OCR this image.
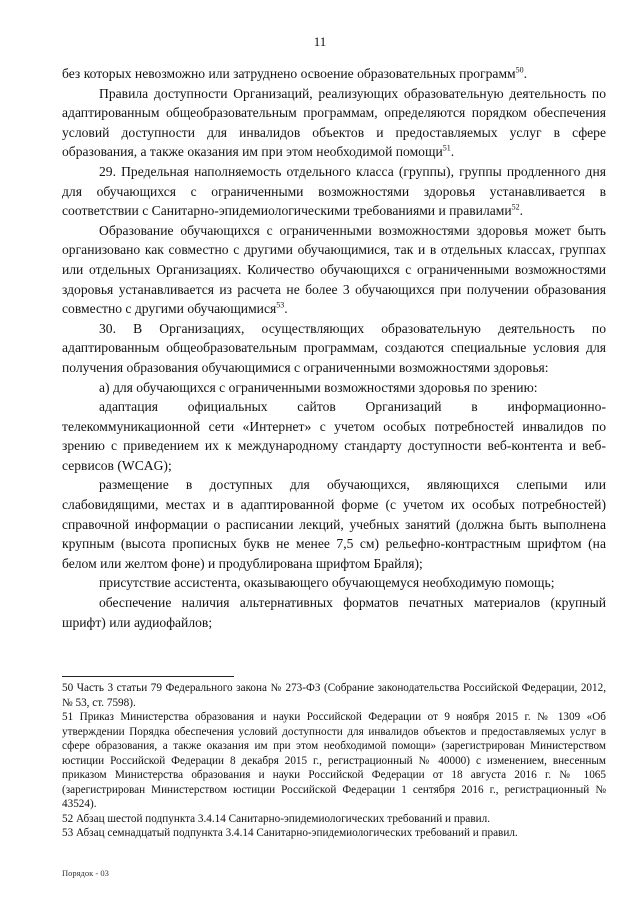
11

без которых невозможно или затруднено освоение образовательных программ$^{50}$.

Правила доступности Организаций, реализующих образовательную деятельность по адаптированным общеобразовательным программам, определяются порядком обеспечения условий доступности для инвалидов объектов и предоставляемых услуг в сфере образования, а также оказания им при этом необходимой помощи$^{51}$.

29. Предельная наполняемость отдельного класса (группы), группы продленного дня для обучающихся с ограниченными возможностями здоровья устанавливается в соответствии с Санитарно-эпидемиологическими требованиями и правилами$^{52}$.

Образование обучающихся с ограниченными возможностями здоровья может быть организовано как совместно с другими обучающимися, так и в отдельных классах, группах или отдельных Организациях. Количество обучающихся с ограниченными возможностями здоровья устанавливается из расчета не более 3 обучающихся при получении образования совместно с другими обучающимися$^{53}$.

30. В Организациях, осуществляющих образовательную деятельность по адаптированным общеобразовательным программам, создаются специальные условия для получения образования обучающимися с ограниченными возможностями здоровья:

а) для обучающихся с ограниченными возможностями здоровья по зрению:

адаптация официальных сайтов Организаций в информационно-телекоммуникационной сети «Интернет» с учетом особых потребностей инвалидов по зрению с приведением их к международному стандарту доступности веб-контента и веб-сервисов (WCAG);

размещение в доступных для обучающихся, являющихся слепыми или слабовидящими, местах и в адаптированной форме (с учетом их особых потребностей) справочной информации о расписании лекций, учебных занятий (должна быть выполнена крупным (высота прописных букв не менее 7,5 см) рельефно-контрастным шрифтом (на белом или желтом фоне) и продублирована шрифтом Брайля);

присутствие ассистента, оказывающего обучающемуся необходимую помощь;

обеспечение наличия альтернативных форматов печатных материалов (крупный шрифт) или аудиофайлов;

50 Часть 3 статьи 79 Федерального закона № 273-ФЗ (Собрание законодательства Российской Федерации, 2012, № 53, ст. 7598).

51 Приказ Министерства образования и науки Российской Федерации от 9 ноября 2015 г. № 1309 «Об утверждении Порядка обеспечения условий доступности для инвалидов объектов и предоставляемых услуг в сфере образования, а также оказания им при этом необходимой помощи» (зарегистрирован Министерством юстиции Российской Федерации 8 декабря 2015 г., регистрационный № 40000) с изменением, внесенным приказом Министерства образования и науки Российской Федерации от 18 августа 2016 г. № 1065 (зарегистрирован Министерством юстиции Российской Федерации 1 сентября 2016 г., регистрационный № 43524).

52 Абзац шестой подпункта 3.4.14 Санитарно-эпидемиологических требований и правил.

53 Абзац семнадцатый подпункта 3.4.14 Санитарно-эпидемиологических требований и правил.

Порядок - 03
